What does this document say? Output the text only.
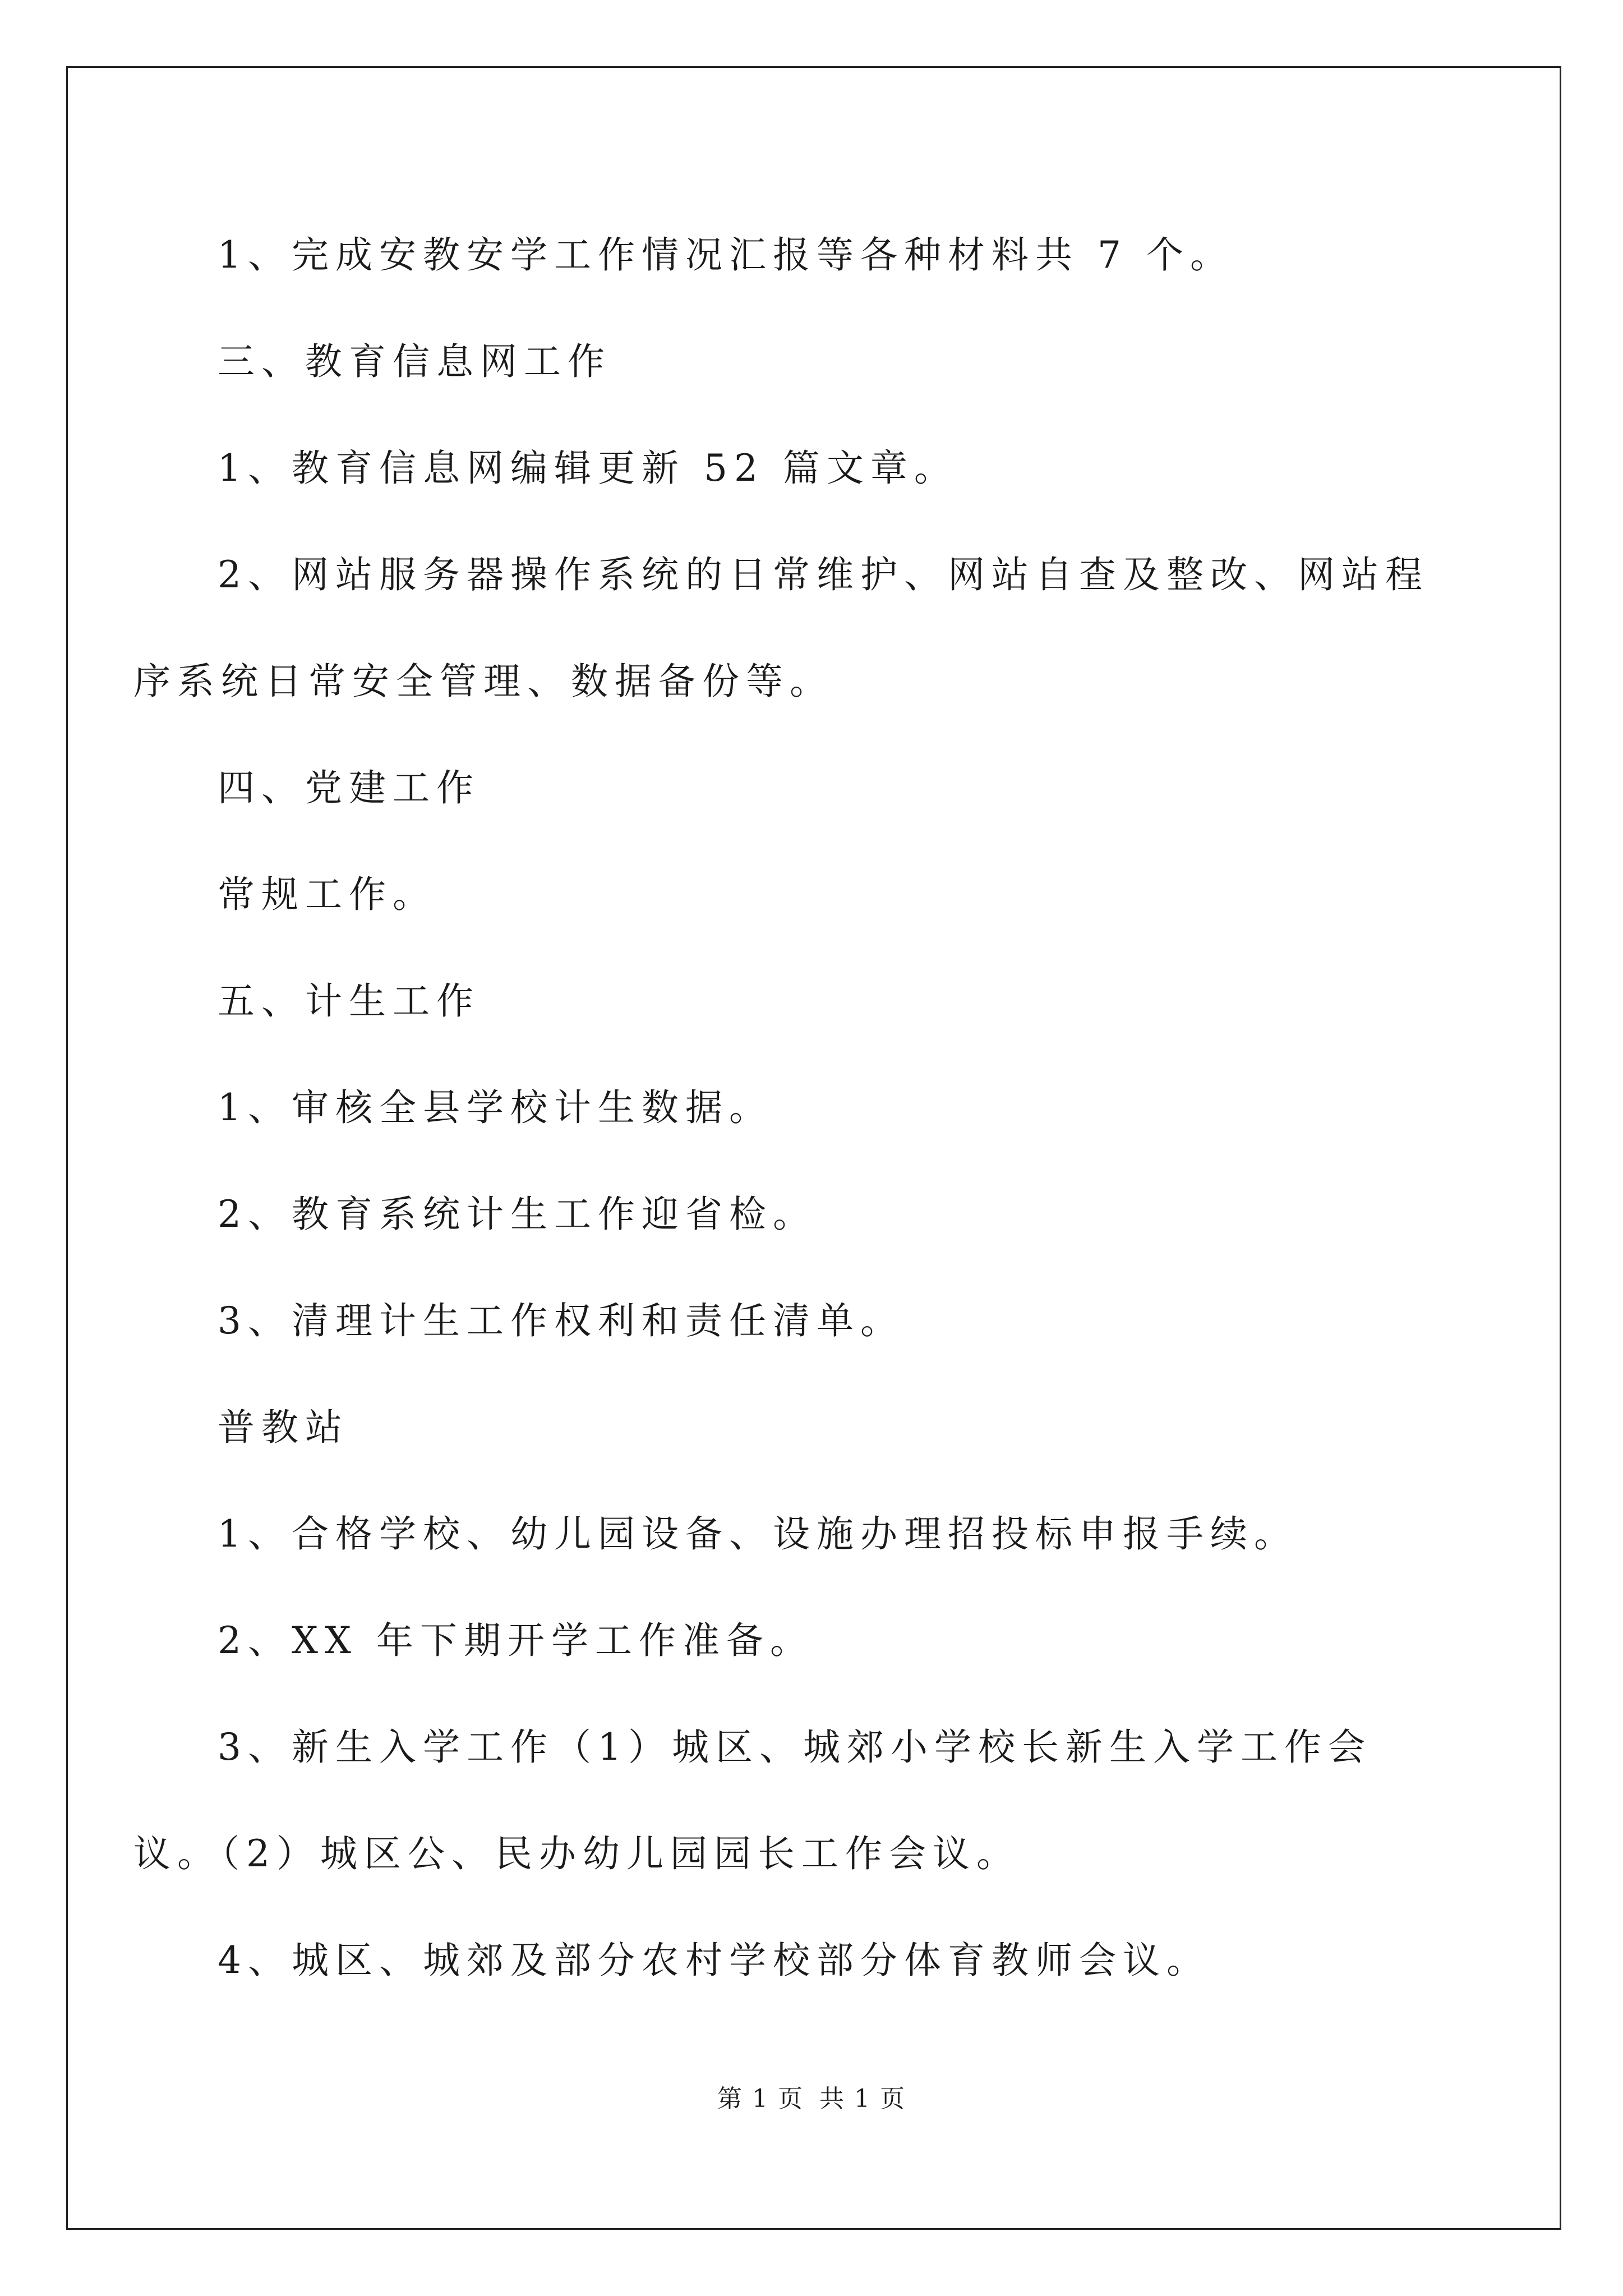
1、完成安教安学工作情况汇报等各种材料共 7 个。

三、教育信息网工作

1、教育信息网编辑更新 52 篇文章。

2、网站服务器操作系统的日常维护、网站自查及整改、网站程序系统日常安全管理、数据备份等。

四、党建工作

常规工作。

五、计生工作

1、审核全县学校计生数据。

2、教育系统计生工作迎省检。

3、清理计生工作权利和责任清单。

普教站

1、合格学校、幼儿园设备、设施办理招投标申报手续。

2、XX 年下期开学工作准备。

3、新生入学工作（1）城区、城郊小学校长新生入学工作会议。（2）城区公、民办幼儿园园长工作会议。

4、城区、城郊及部分农村学校部分体育教师会议。

第 1 页 共 1 页
